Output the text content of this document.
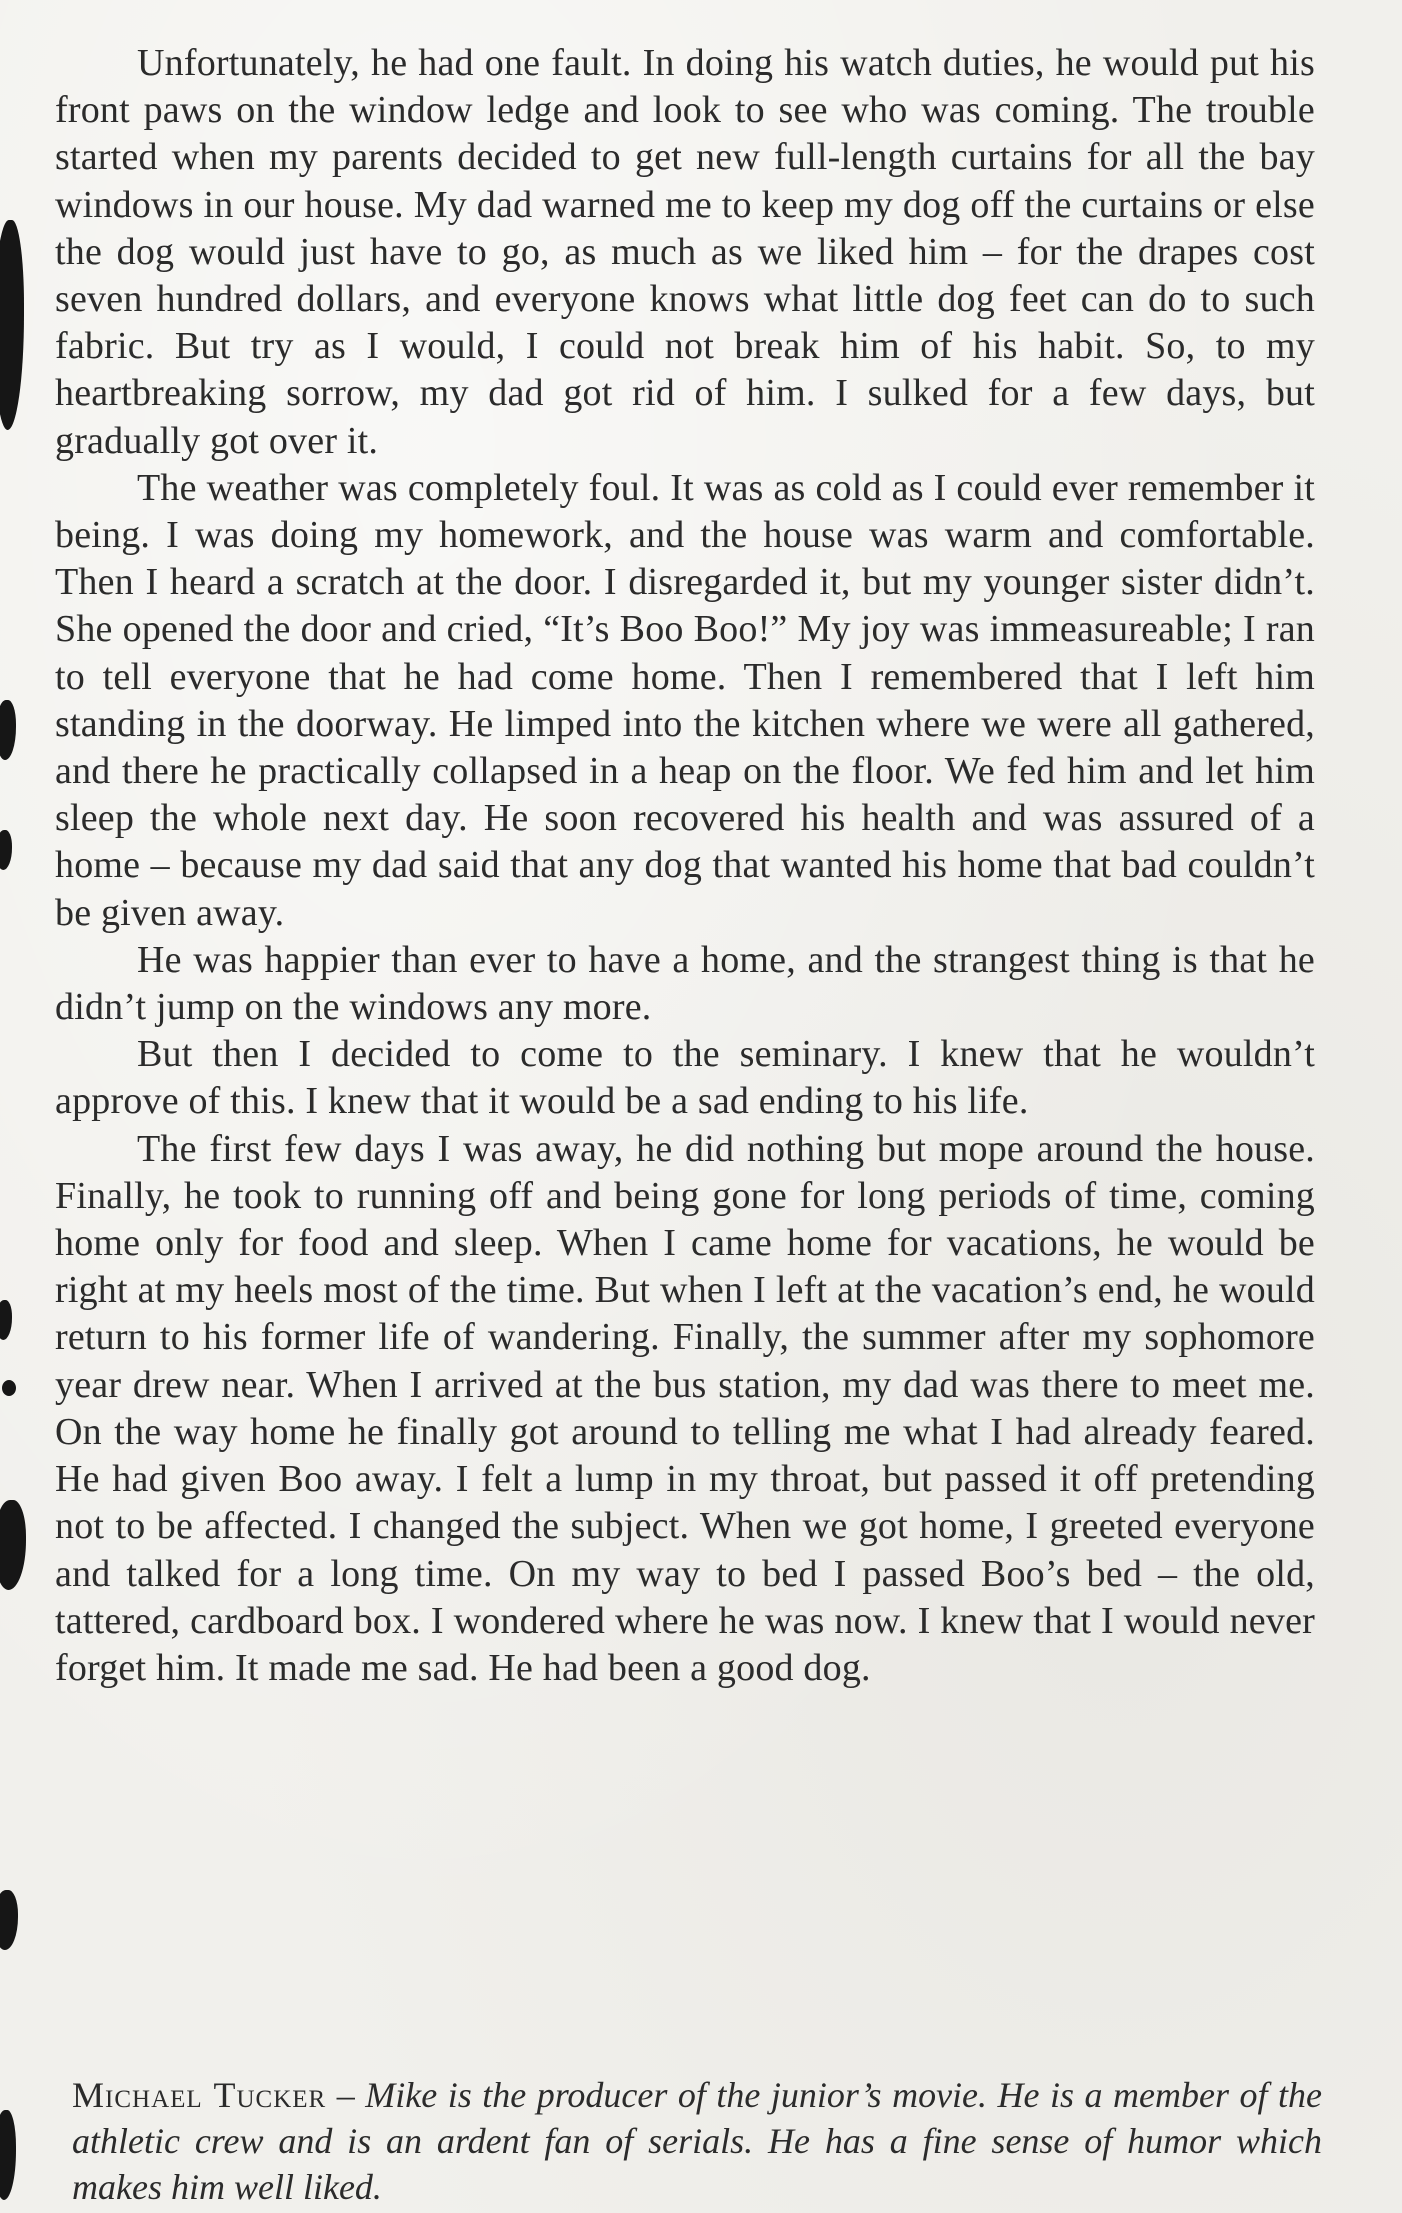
Unfortunately, he had one fault. In doing his watch duties, he would put his front paws on the window ledge and look to see who was coming. The trouble started when my parents decided to get new full-length curtains for all the bay windows in our house. My dad warned me to keep my dog off the curtains or else the dog would just have to go, as much as we liked him – for the drapes cost seven hundred dollars, and everyone knows what little dog feet can do to such fabric. But try as I would, I could not break him of his habit. So, to my heartbreaking sorrow, my dad got rid of him. I sulked for a few days, but gradually got over it.

The weather was completely foul. It was as cold as I could ever remember it being. I was doing my homework, and the house was warm and comfortable. Then I heard a scratch at the door. I disregarded it, but my younger sister didn’t. She opened the door and cried, “It’s Boo Boo!” My joy was immeasureable; I ran to tell everyone that he had come home. Then I remembered that I left him standing in the doorway. He limped into the kitchen where we were all gathered, and there he practically collapsed in a heap on the floor. We fed him and let him sleep the whole next day. He soon recovered his health and was assured of a home – because my dad said that any dog that wanted his home that bad couldn’t be given away.

He was happier than ever to have a home, and the strangest thing is that he didn’t jump on the windows any more.

But then I decided to come to the seminary. I knew that he wouldn’t approve of this. I knew that it would be a sad ending to his life.

The first few days I was away, he did nothing but mope around the house. Finally, he took to running off and being gone for long periods of time, coming home only for food and sleep. When I came home for vacations, he would be right at my heels most of the time. But when I left at the vacation’s end, he would return to his former life of wandering. Finally, the summer after my sophomore year drew near. When I arrived at the bus station, my dad was there to meet me. On the way home he finally got around to telling me what I had already feared. He had given Boo away. I felt a lump in my throat, but passed it off pretending not to be affected. I changed the subject. When we got home, I greeted everyone and talked for a long time. On my way to bed I passed Boo’s bed – the old, tattered, cardboard box. I wondered where he was now. I knew that I would never forget him. It made me sad. He had been a good dog.

Michael Tucker – Mike is the producer of the junior’s movie. He is a member of the athletic crew and is an ardent fan of serials. He has a fine sense of humor which makes him well liked.
